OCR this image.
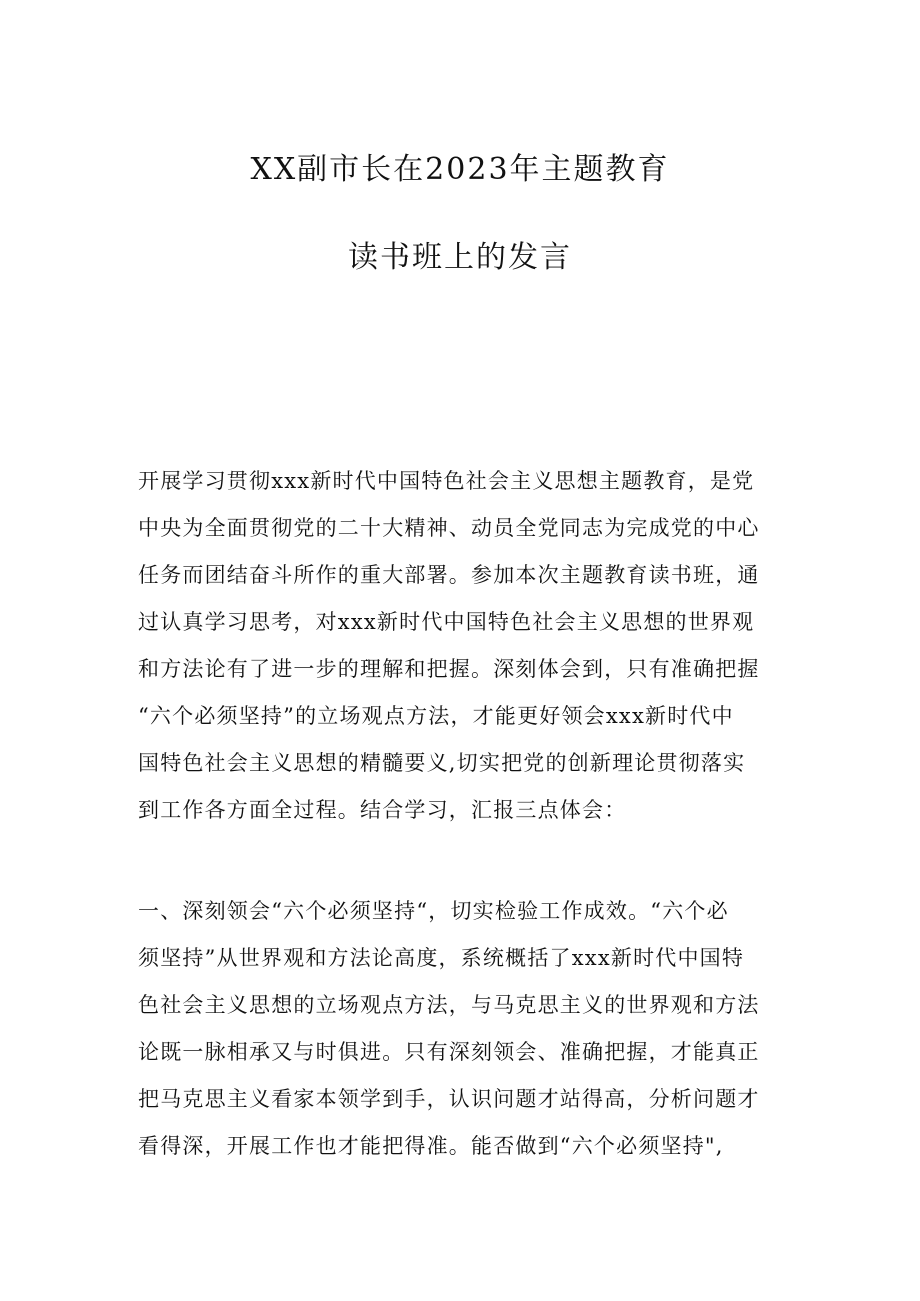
XX副市长在2023年主题教育
读书班上的发言

开展学习贯彻xxx新时代中国特色社会主义思想主题教育，是党
中央为全面贯彻党的二十大精神、动员全党同志为完成党的中心
任务而团结奋斗所作的重大部署。参加本次主题教育读书班，通
过认真学习思考，对xxx新时代中国特色社会主义思想的世界观
和方法论有了进一步的理解和把握。深刻体会到，只有准确把握
“六个必须坚持”的立场观点方法，才能更好领会xxx新时代中
国特色社会主义思想的精髓要义,切实把党的创新理论贯彻落实
到工作各方面全过程。结合学习，汇报三点体会：

一、深刻领会“六个必须坚持“，切实检验工作成效。“六个必
须坚持”从世界观和方法论高度，系统概括了xxx新时代中国特
色社会主义思想的立场观点方法，与马克思主义的世界观和方法
论既一脉相承又与时俱进。只有深刻领会、准确把握，才能真正
把马克思主义看家本领学到手，认识问题才站得高，分析问题才
看得深，开展工作也才能把得准。能否做到“六个必须坚持",
